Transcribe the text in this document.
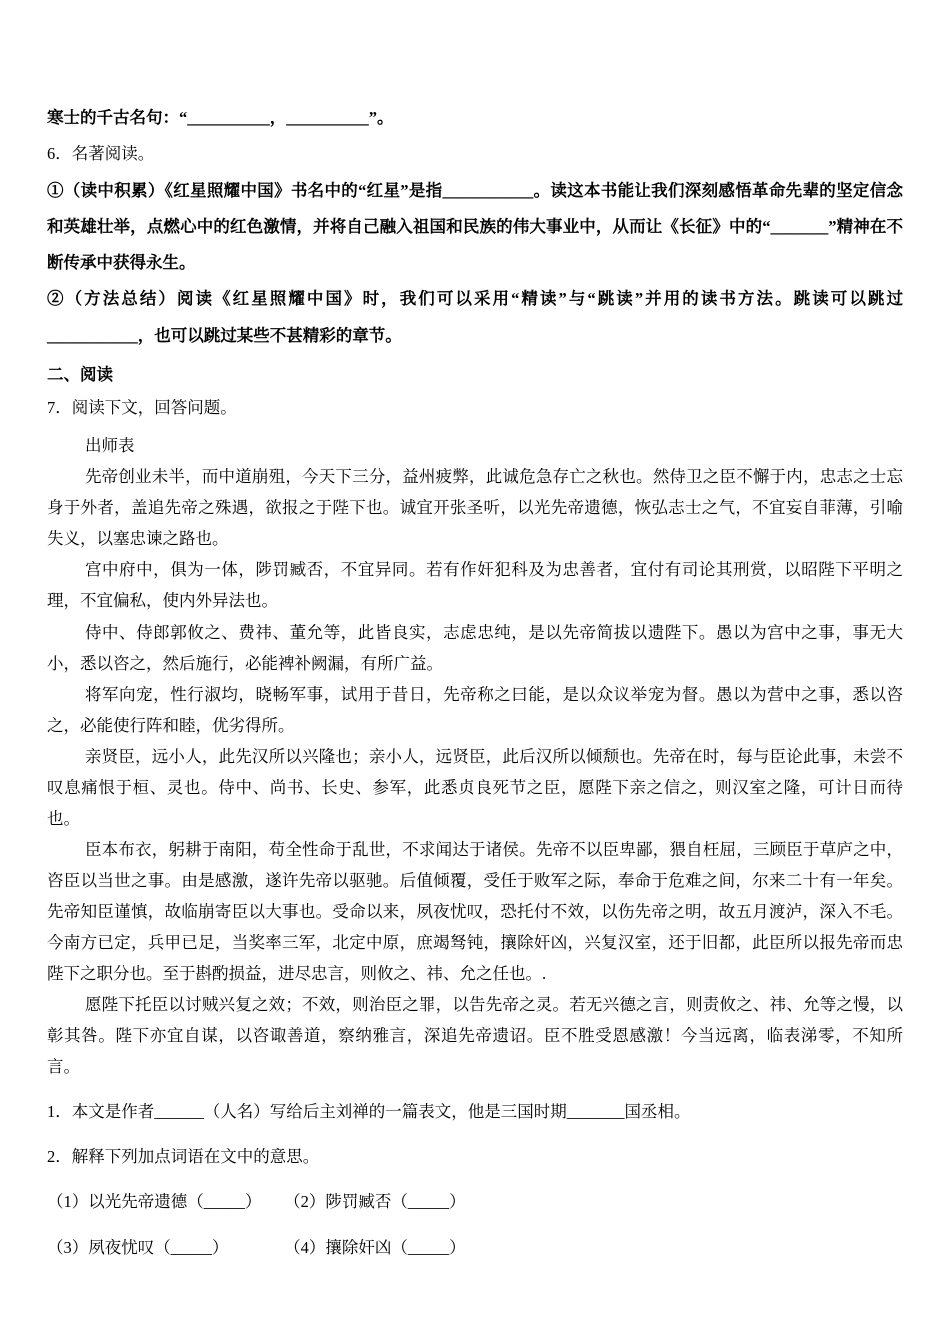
寒士的千古名句：“__________，__________”。

6．名著阅读。

①（读中积累）《红星照耀中国》书名中的“红星”是指___________。读这本书能让我们深刻感悟革命先辈的坚定信念和英雄壮举，点燃心中的红色激情，并将自己融入祖国和民族的伟大事业中，从而让《长征》中的“_______”精神在不断传承中获得永生。

②（方法总结）阅读《红星照耀中国》时，我们可以采用“精读”与“跳读”并用的读书方法。跳读可以跳过___________，也可以跳过某些不甚精彩的章节。

二、阅读

7．阅读下文，回答问题。

出师表

先帝创业未半，而中道崩殂，今天下三分，益州疲弊，此诚危急存亡之秋也。然侍卫之臣不懈于内，忠志之士忘身于外者，盖追先帝之殊遇，欲报之于陛下也。诚宜开张圣听，以光先帝遗德，恢弘志士之气，不宜妄自菲薄，引喻失义，以塞忠谏之路也。

宫中府中，俱为一体，陟罚臧否，不宜异同。若有作奸犯科及为忠善者，宜付有司论其刑赏，以昭陛下平明之理，不宜偏私，使内外异法也。

侍中、侍郎郭攸之、费祎、董允等，此皆良实，志虑忠纯，是以先帝简拔以遗陛下。愚以为宫中之事，事无大小，悉以咨之，然后施行，必能裨补阙漏，有所广益。

将军向宠，性行淑均，晓畅军事，试用于昔日，先帝称之曰能，是以众议举宠为督。愚以为营中之事，悉以咨之，必能使行阵和睦，优劣得所。

亲贤臣，远小人，此先汉所以兴隆也；亲小人，远贤臣，此后汉所以倾颓也。先帝在时，每与臣论此事，未尝不叹息痛恨于桓、灵也。侍中、尚书、长史、参军，此悉贞良死节之臣，愿陛下亲之信之，则汉室之隆，可计日而待也。

臣本布衣，躬耕于南阳，苟全性命于乱世，不求闻达于诸侯。先帝不以臣卑鄙，猥自枉屈，三顾臣于草庐之中，咨臣以当世之事。由是感激，遂许先帝以驱驰。后值倾覆，受任于败军之际，奉命于危难之间，尔来二十有一年矣。先帝知臣谨慎，故临崩寄臣以大事也。受命以来，夙夜忧叹，恐托付不效，以伤先帝之明，故五月渡泸，深入不毛。今南方已定，兵甲已足，当奖率三军，北定中原，庶竭驽钝，攘除奸凶，兴复汉室，还于旧都，此臣所以报先帝而忠陛下之职分也。至于斟酌损益，进尽忠言，则攸之、祎、允之任也。.

愿陛下托臣以讨贼兴复之效；不效，则治臣之罪，以告先帝之灵。若无兴德之言，则责攸之、祎、允等之慢，以彰其咎。陛下亦宜自谋，以咨诹善道，察纳雅言，深追先帝遗诏。臣不胜受恩感激！今当远离，临表涕零，不知所言。

1．本文是作者______（人名）写给后主刘禅的一篇表文，他是三国时期_______国丞相。

2．解释下列加点词语在文中的意思。

（1）以光先帝遗德（_____） （2）陟罚臧否（_____）

（3）夙夜忧叹（_____）	（4）攘除奸凶（_____）
